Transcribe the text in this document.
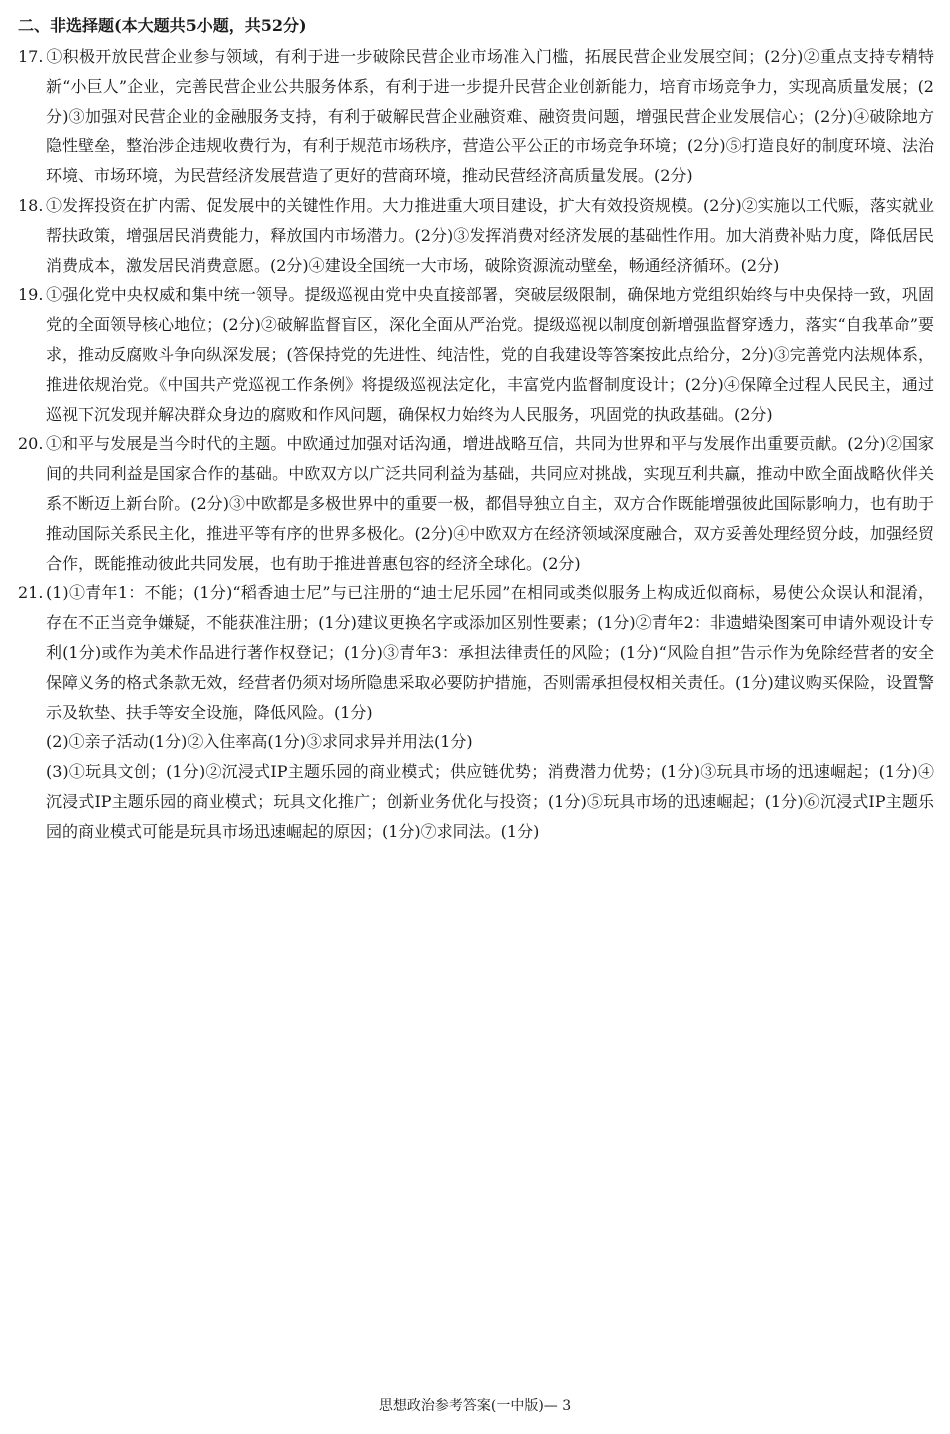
二、非选择题(本大题共5小题，共52分)

17. ①积极开放民营企业参与领域，有利于进一步破除民营企业市场准入门槛，拓展民营企业发展空间；(2分)②重点支持专精特新“小巨人”企业，完善民营企业公共服务体系，有利于进一步提升民营企业创新能力，培育市场竞争力，实现高质量发展；(2分)③加强对民营企业的金融服务支持，有利于破解民营企业融资难、融资贵问题，增强民营企业发展信心；(2分)④破除地方隐性壁垒，整治涉企违规收费行为，有利于规范市场秩序，营造公平公正的市场竞争环境；(2分)⑤打造良好的制度环境、法治环境、市场环境，为民营经济发展营造了更好的营商环境，推动民营经济高质量发展。(2分)

18. ①发挥投资在扩内需、促发展中的关键性作用。大力推进重大项目建设，扩大有效投资规模。(2分)②实施以工代赈，落实就业帮扶政策，增强居民消费能力，释放国内市场潜力。(2分)③发挥消费对经济发展的基础性作用。加大消费补贴力度，降低居民消费成本，激发居民消费意愿。(2分)④建设全国统一大市场，破除资源流动壁垒，畅通经济循环。(2分)

19. ①强化党中央权威和集中统一领导。提级巡视由党中央直接部署，突破层级限制，确保地方党组织始终与中央保持一致，巩固党的全面领导核心地位；(2分)②破解监督盲区，深化全面从严治党。提级巡视以制度创新增强监督穿透力，落实“自我革命”要求，推动反腐败斗争向纵深发展；(答保持党的先进性、纯洁性，党的自我建设等答案按此点给分，2分)③完善党内法规体系，推进依规治党。《中国共产党巡视工作条例》将提级巡视法定化，丰富党内监督制度设计；(2分)④保障全过程人民民主，通过巡视下沉发现并解决群众身边的腐败和作风问题，确保权力始终为人民服务，巩固党的执政基础。(2分)

20. ①和平与发展是当今时代的主题。中欧通过加强对话沟通，增进战略互信，共同为世界和平与发展作出重要贡献。(2分)②国家间的共同利益是国家合作的基础。中欧双方以广泛共同利益为基础，共同应对挑战，实现互利共赢，推动中欧全面战略伙伴关系不断迈上新台阶。(2分)③中欧都是多极世界中的重要一极，都倡导独立自主，双方合作既能增强彼此国际影响力，也有助于推动国际关系民主化，推进平等有序的世界多极化。(2分)④中欧双方在经济领域深度融合，双方妥善处理经贸分歧，加强经贸合作，既能推动彼此共同发展，也有助于推进普惠包容的经济全球化。(2分)

21. (1)①青年1：不能；(1分)“稻香迪士尼”与已注册的“迪士尼乐园”在相同或类似服务上构成近似商标，易使公众误认和混淆，存在不正当竞争嫌疑，不能获准注册；(1分)建议更换名字或添加区别性要素；(1分)②青年2：非遗蜡染图案可申请外观设计专利(1分)或作为美术作品进行著作权登记；(1分)③青年3：承担法律责任的风险；(1分)“风险自担”告示作为免除经营者的安全保障义务的格式条款无效，经营者仍须对场所隐患采取必要防护措施，否则需承担侵权相关责任。(1分)建议购买保险，设置警示及软垫、扶手等安全设施，降低风险。(1分)

(2)①亲子活动(1分)②入住率高(1分)③求同求异并用法(1分)

(3)①玩具文创；(1分)②沉浸式IP主题乐园的商业模式；供应链优势；消费潜力优势；(1分)③玩具市场的迅速崛起；(1分)④沉浸式IP主题乐园的商业模式；玩具文化推广；创新业务优化与投资；(1分)⑤玩具市场的迅速崛起；(1分)⑥沉浸式IP主题乐园的商业模式可能是玩具市场迅速崛起的原因；(1分)⑦求同法。(1分)

思想政治参考答案(一中版)— 3
